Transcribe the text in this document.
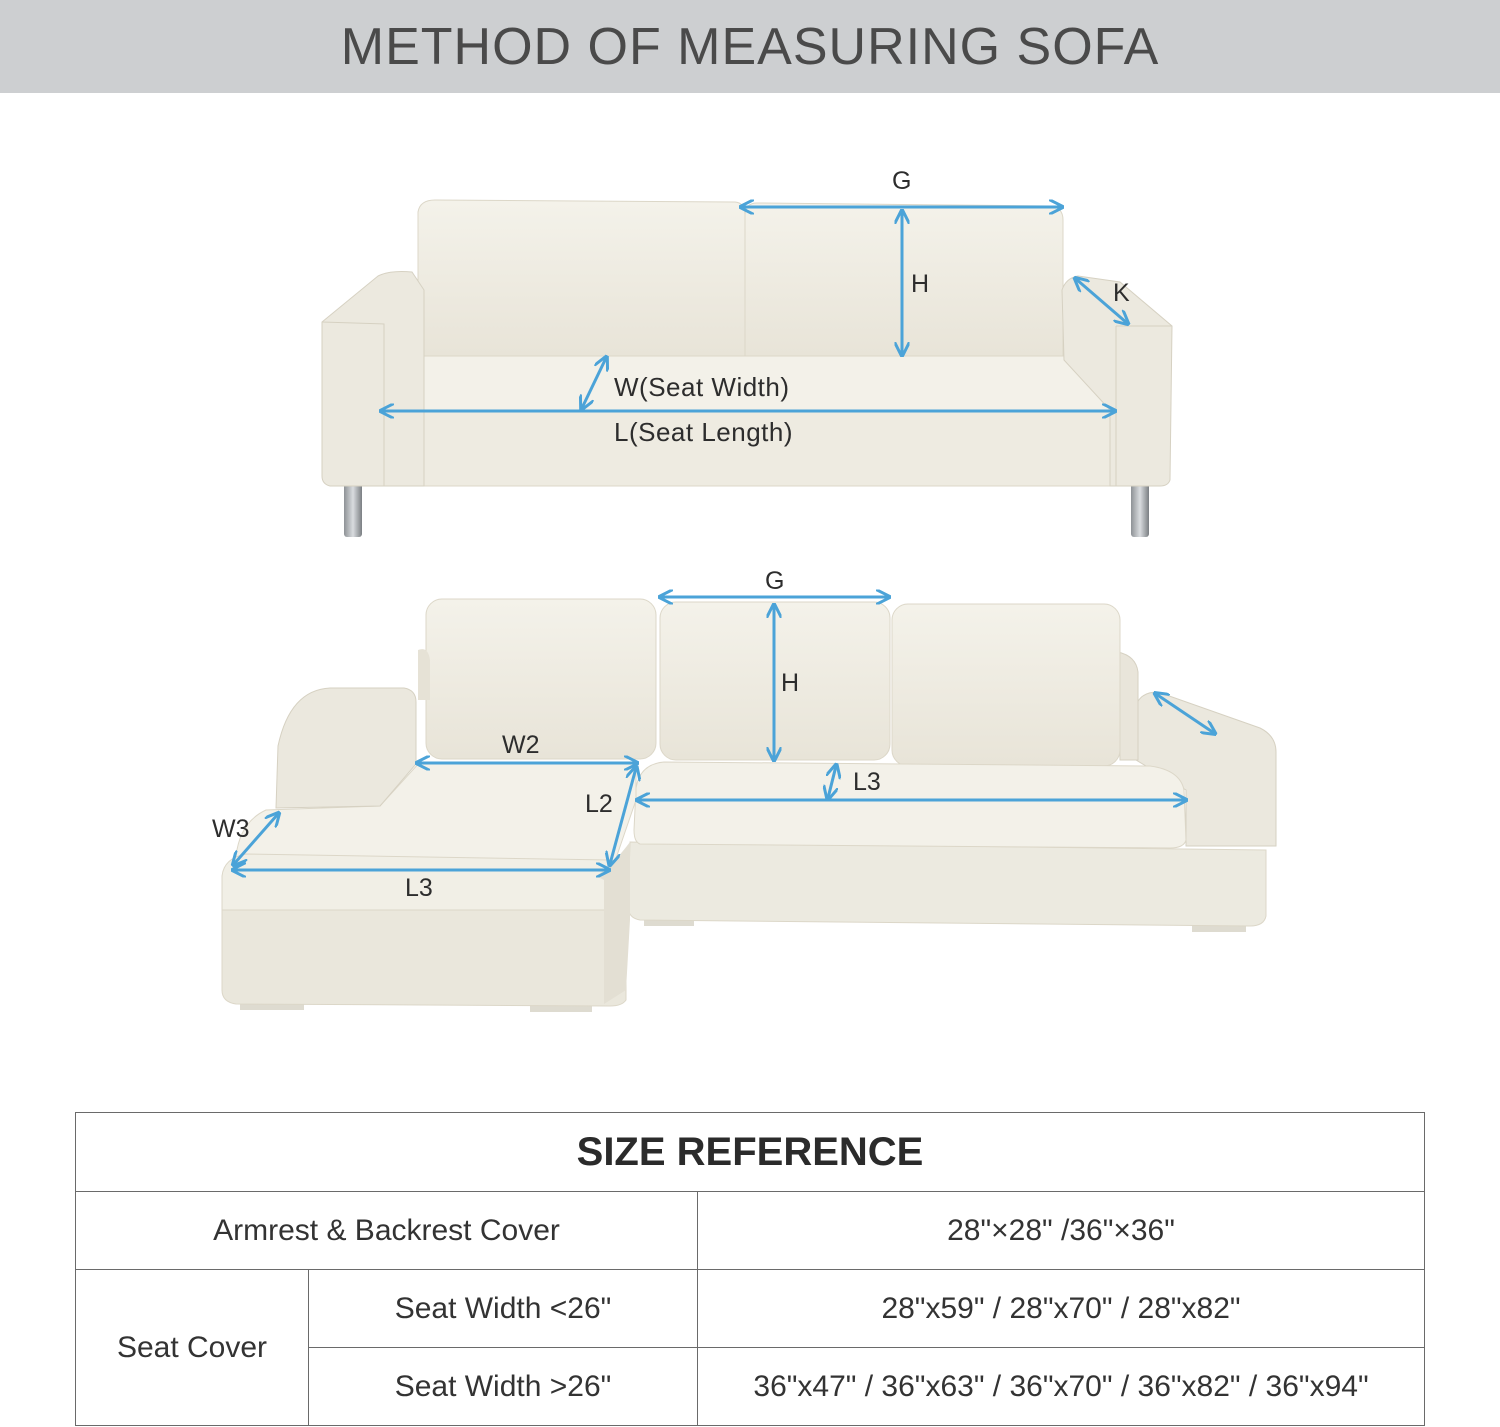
METHOD OF MEASURING SOFA
G
H	K
W(Seat Width)
L(Seat Length)
G
H
W2
L2
W3
L3
L3
SIZE REFERENCE		
Armrest & Backrest Cover		28"×28" /36"×36"
Seat Cover	Seat Width <26"	28"x59" / 28"x70" / 28"x82"
	Seat Width >26"	36"x47" / 36"x63" / 36"x70" / 36"x82" / 36"x94"
